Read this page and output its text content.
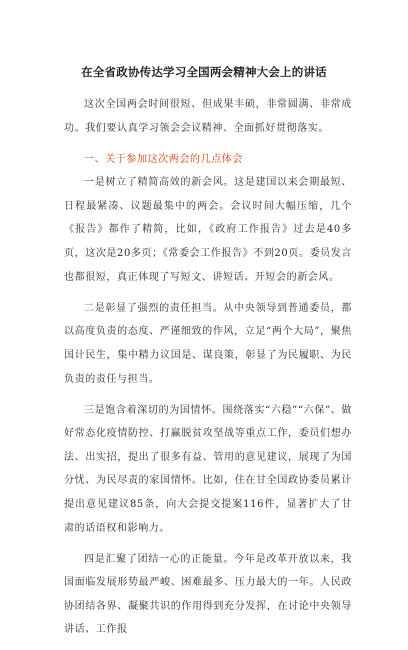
在全省政协传达学习全国两会精神大会上的讲话

这次全国两会时间很短、但成果丰硕，非常圆满、非常成功。我们要认真学习领会会议精神、全面抓好贯彻落实。

一、关于参加这次两会的几点体会

一是树立了精简高效的新会风。这是建国以来会期最短、日程最紧凑、议题最集中的两会。会议时间大幅压缩，几个《报告》都作了精简，比如，《政府工作报告》过去是40多页，这次是20多页；《常委会工作报告》不到20页。委员发言也都很短，真正体现了写短文、讲短话、开短会的新会风。

二是彰显了强烈的责任担当。从中央领导到普通委员，都以高度负责的态度、严谨细致的作风，立足“两个大局”，聚焦国计民生，集中精力议国是、谋良策，彰显了为民履职、为民负责的责任与担当。

三是饱含着深切的为国情怀。围绕落实“六稳”“六保”、做好常态化疫情防控、打赢脱贫攻坚战等重点工作，委员们想办法、出实招，提出了很多有益、管用的意见建议，展现了为国分忧、为民尽责的家国情怀。比如，住在甘全国政协委员累计提出意见建议85条，向大会提交提案116件，显著扩大了甘肃的话语权和影响力。

四是汇聚了团结一心的正能量。今年是改革开放以来，我国面临发展形势最严峻、困难最多、压力最大的一年。人民政协团结各界、凝聚共识的作用得到充分发挥，在讨论中央领导讲话、工作报
